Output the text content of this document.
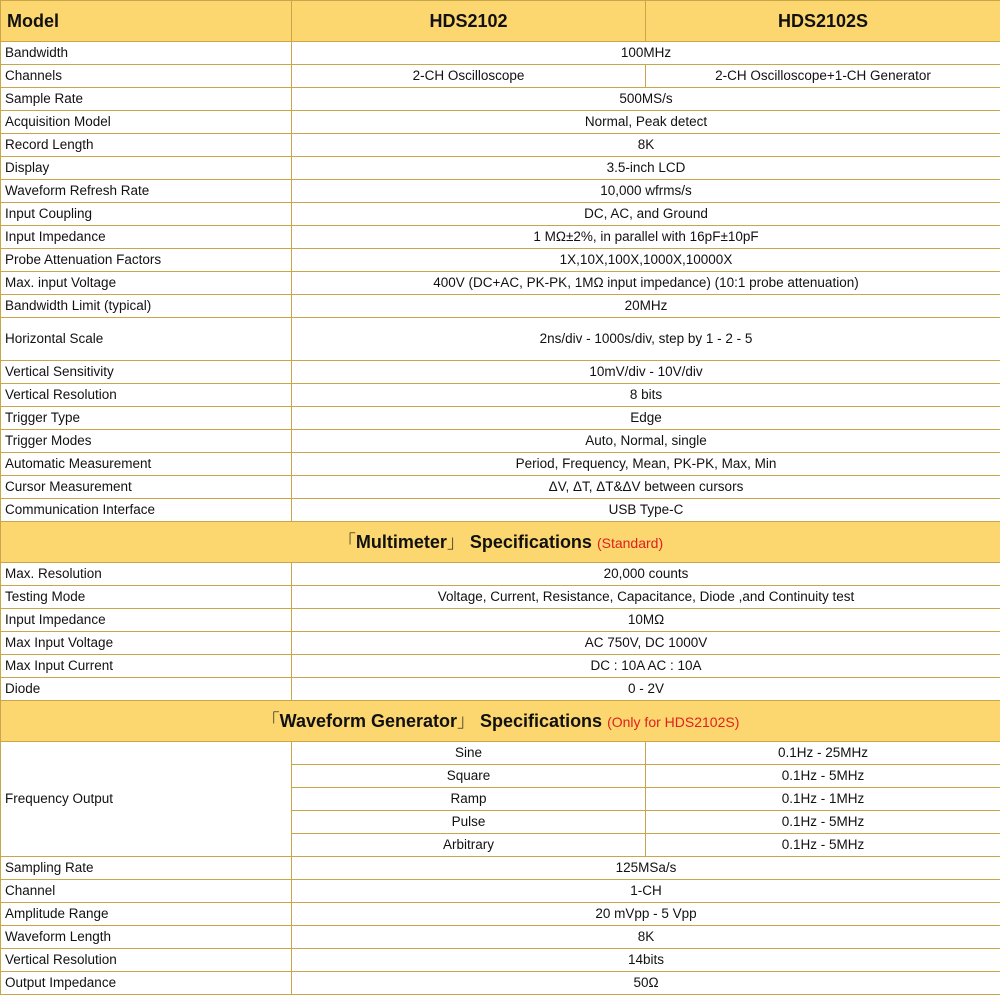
Model	HDS2102	HDS2102S
Bandwidth	100MHz	
Channels	2-CH Oscilloscope	2-CH Oscilloscope+1-CH Generator
Sample Rate	500MS/s	
Acquisition Model	Normal, Peak detect	
Record Length	8K	
Display	3.5-inch LCD	
Waveform Refresh Rate	10,000 wfrms/s	
Input Coupling	DC, AC, and Ground	
Input Impedance	1 MΩ±2%, in parallel with 16pF±10pF	
Probe Attenuation Factors	1X,10X,100X,1000X,10000X	
Max. input Voltage	400V (DC+AC, PK-PK, 1MΩ input impedance) (10:1 probe attenuation)	
Bandwidth Limit (typical)	20MHz	
Horizontal Scale	2ns/div - 1000s/div, step by 1 - 2 - 5	
Vertical Sensitivity	10mV/div - 10V/div	
Vertical Resolution	8 bits	
Trigger Type	Edge	
Trigger Modes	Auto, Normal, single	
Automatic Measurement	Period, Frequency, Mean, PK-PK, Max, Min	
Cursor Measurement	ΔV, ΔT, ΔT&ΔV between cursors	
Communication Interface	USB Type-C	
「Multimeter」 Specifications (Standard)		
Max. Resolution	20,000 counts	
Testing Mode	Voltage, Current, Resistance, Capacitance, Diode ,and Continuity test	
Input Impedance	10MΩ	
Max Input Voltage	AC 750V, DC 1000V	
Max Input Current	DC : 10A AC : 10A	
Diode	0 - 2V	
「Waveform Generator」 Specifications (Only for HDS2102S)		
Frequency Output	Sine	0.1Hz - 25MHz
	Square	0.1Hz - 5MHz
	Ramp	0.1Hz - 1MHz
	Pulse	0.1Hz - 5MHz
	Arbitrary	0.1Hz - 5MHz
Sampling Rate	125MSa/s	
Channel	1-CH	
Amplitude Range	20 mVpp - 5 Vpp	
Waveform Length	8K	
Vertical Resolution	14bits	
Output Impedance	50Ω	
